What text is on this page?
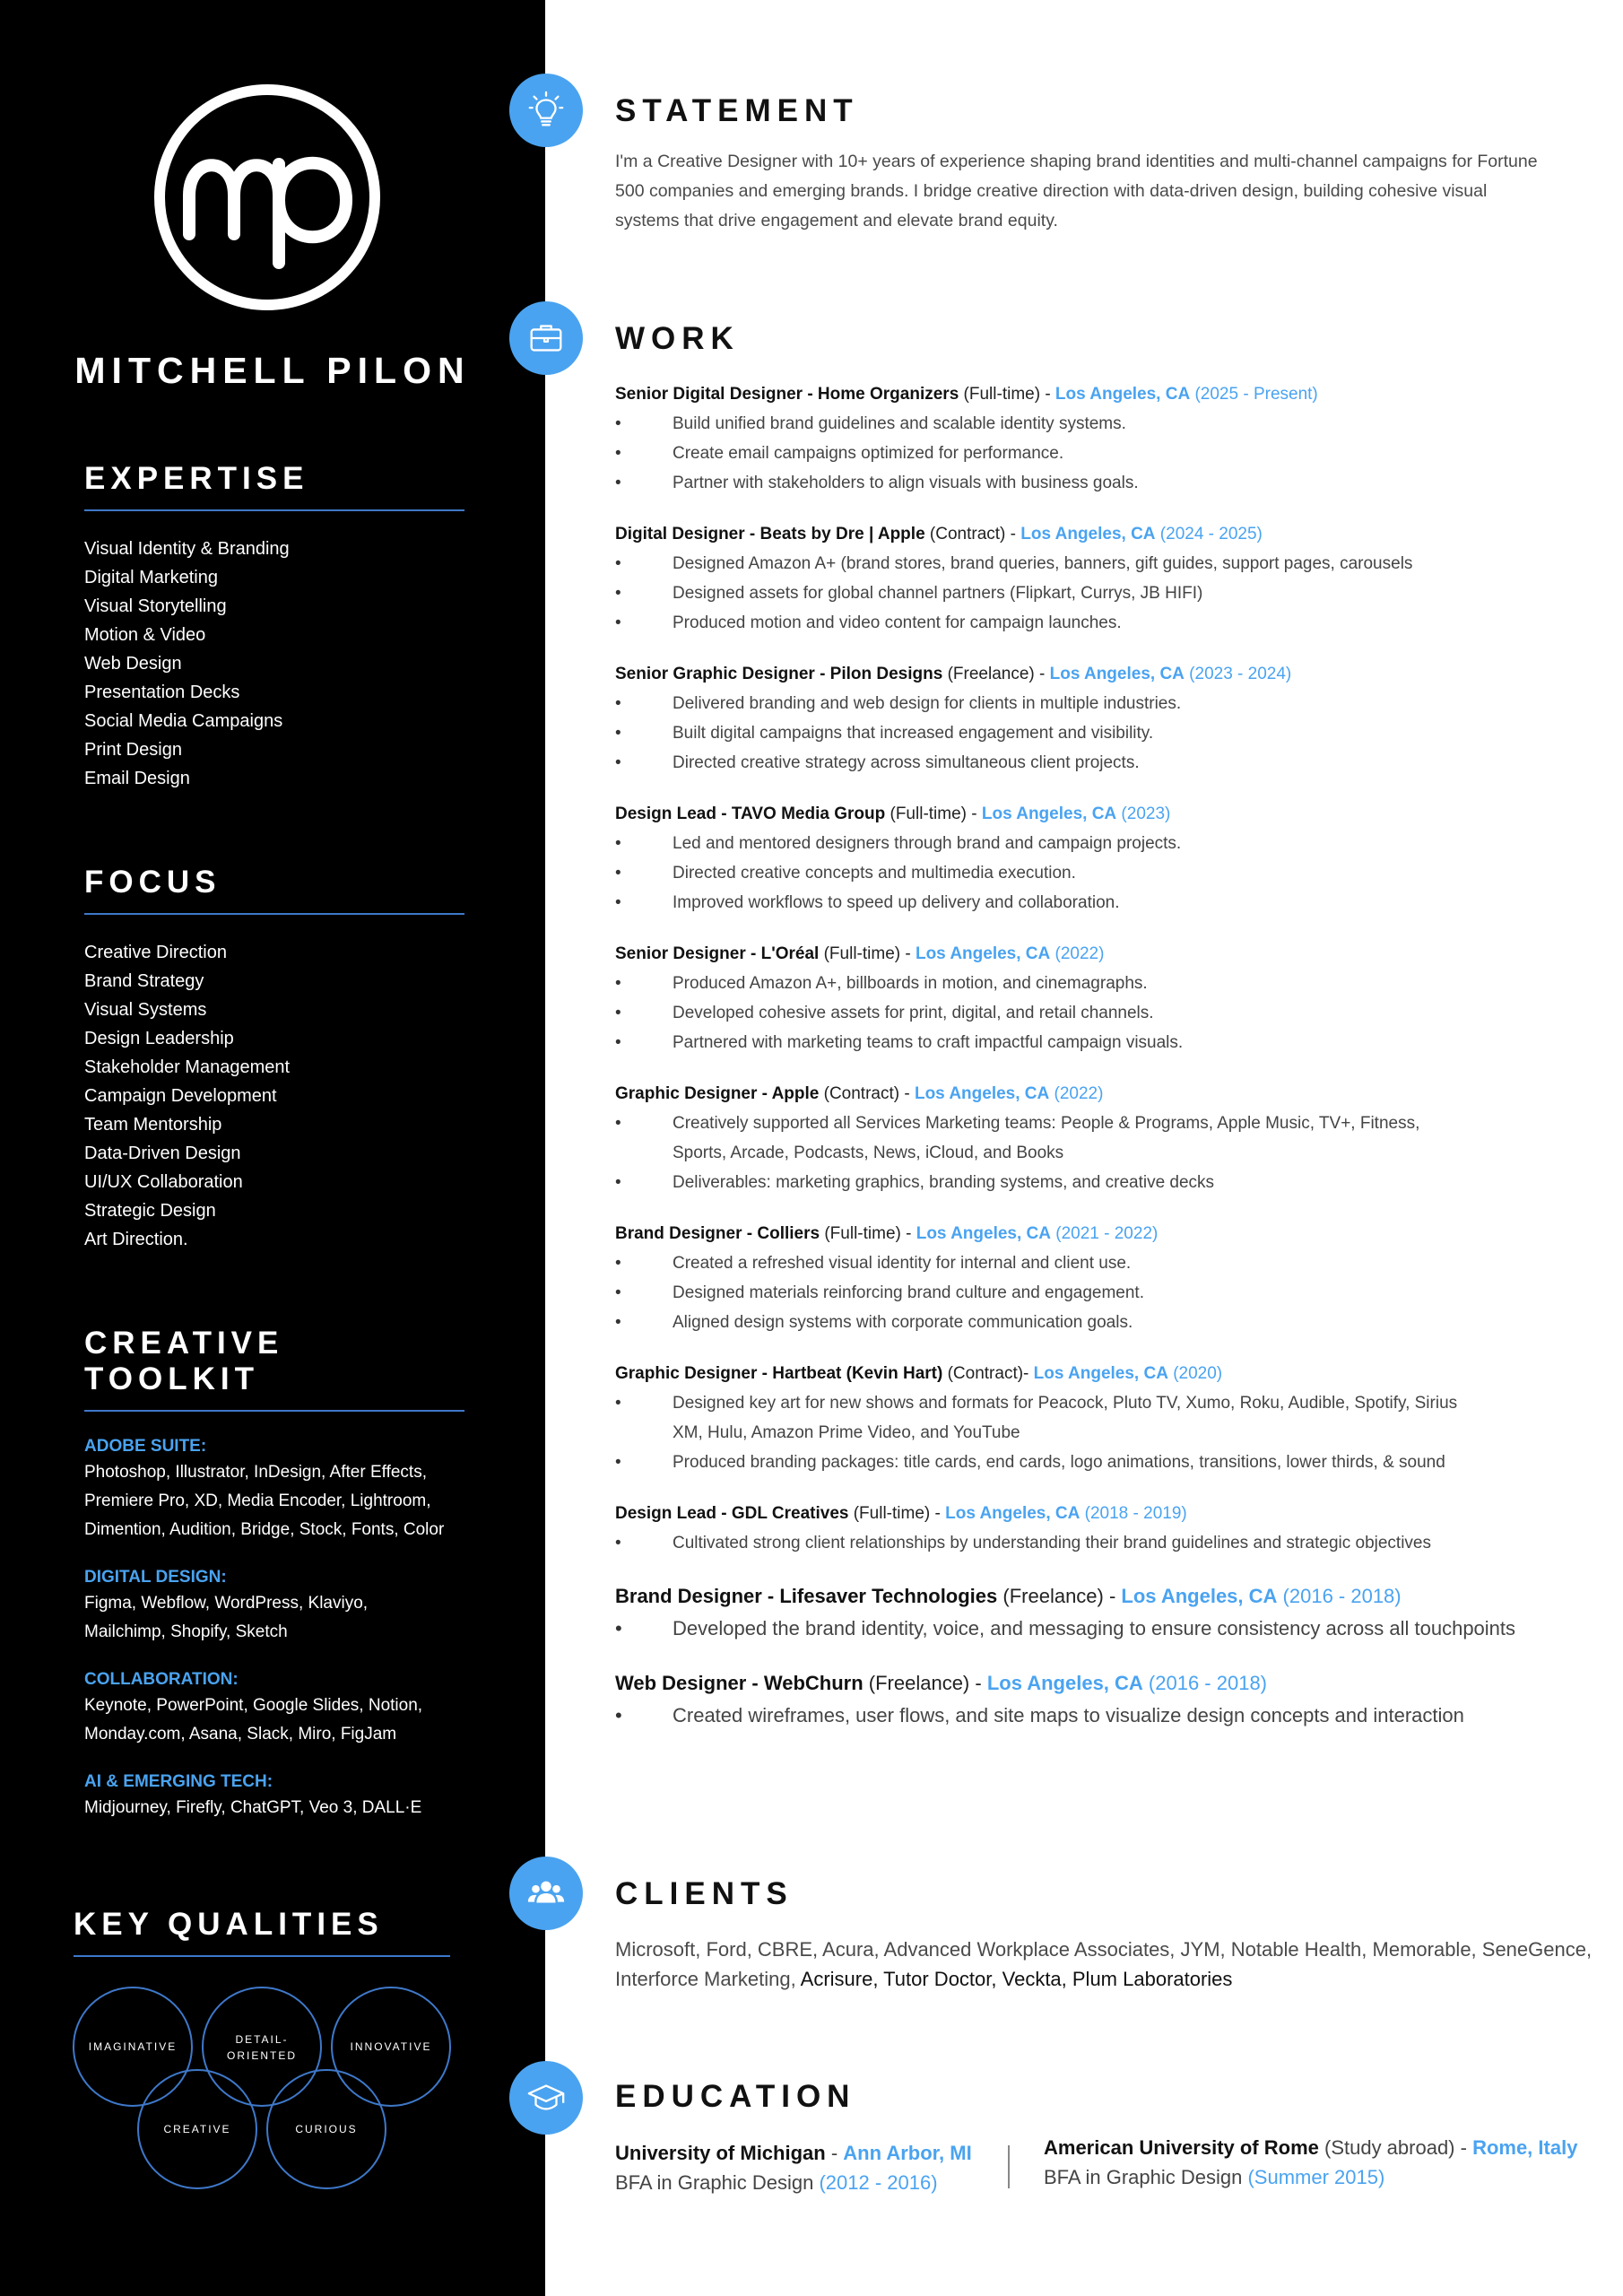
MITCHELL PILON
EXPERTISE
Visual Identity & Branding
Digital Marketing
Visual Storytelling
Motion & Video
Web Design
Presentation Decks
Social Media Campaigns
Print Design
Email Design
FOCUS
Creative Direction
Brand Strategy
Visual Systems
Design Leadership
Stakeholder Management
Campaign Development
Team Mentorship
Data-Driven Design
UI/UX Collaboration
Strategic Design
Art Direction.
CREATIVE TOOLKIT
ADOBE SUITE:
Photoshop, Illustrator, InDesign, After Effects,
Premiere Pro, XD, Media Encoder, Lightroom,
Dimention, Audition, Bridge, Stock, Fonts, Color
DIGITAL DESIGN:
Figma, Webflow, WordPress, Klaviyo,
Mailchimp, Shopify, Sketch
COLLABORATION:
Keynote, PowerPoint, Google Slides, Notion,
Monday.com, Asana, Slack, Miro, FigJam
AI & EMERGING TECH:
Midjourney, Firefly, ChatGPT, Veo 3, DALL·E
KEY QUALITIES
IMAGINATIVE
DETAIL-
ORIENTED
INNOVATIVE
CREATIVE	CURIOUS
STATEMENT
I'm a Creative Designer with 10+ years of experience shaping brand identities and multi-channel campaigns for Fortune 500 companies and emerging brands. I bridge creative direction with data-driven design, building cohesive visual systems that drive engagement and elevate brand equity.
WORK
Senior Digital Designer - Home Organizers (Full-time) - Los Angeles, CA (2025 - Present)
• Build unified brand guidelines and scalable identity systems.
• Create email campaigns optimized for performance.
• Partner with stakeholders to align visuals with business goals.
Digital Designer - Beats by Dre | Apple (Contract) - Los Angeles, CA (2024 - 2025)
• Designed Amazon A+ (brand stores, brand queries, banners, gift guides, support pages, carousels
• Designed assets for global channel partners (Flipkart, Currys, JB HIFI)
• Produced motion and video content for campaign launches.
Senior Graphic Designer - Pilon Designs (Freelance) - Los Angeles, CA (2023 - 2024)
• Delivered branding and web design for clients in multiple industries.
• Built digital campaigns that increased engagement and visibility.
• Directed creative strategy across simultaneous client projects.
Design Lead - TAVO Media Group (Full-time) - Los Angeles, CA (2023)
• Led and mentored designers through brand and campaign projects.
• Directed creative concepts and multimedia execution.
• Improved workflows to speed up delivery and collaboration.
Senior Designer - L'Oréal (Full-time) - Los Angeles, CA (2022)
• Produced Amazon A+, billboards in motion, and cinemagraphs.
• Developed cohesive assets for print, digital, and retail channels.
• Partnered with marketing teams to craft impactful campaign visuals.
Graphic Designer - Apple (Contract) - Los Angeles, CA (2022)
• Creatively supported all Services Marketing teams: People & Programs, Apple Music, TV+, Fitness, Sports, Arcade, Podcasts, News, iCloud, and Books
• Deliverables: marketing graphics, branding systems, and creative decks
Brand Designer - Colliers (Full-time) - Los Angeles, CA (2021 - 2022)
• Created a refreshed visual identity for internal and client use.
• Designed materials reinforcing brand culture and engagement.
• Aligned design systems with corporate communication goals.
Graphic Designer - Hartbeat (Kevin Hart) (Contract)- Los Angeles, CA (2020)
• Designed key art for new shows and formats for Peacock, Pluto TV, Xumo, Roku, Audible, Spotify, Sirius XM, Hulu, Amazon Prime Video, and YouTube
• Produced branding packages: title cards, end cards, logo animations, transitions, lower thirds, & sound
Design Lead - GDL Creatives (Full-time) - Los Angeles, CA (2018 - 2019)
• Cultivated strong client relationships by understanding their brand guidelines and strategic objectives
Brand Designer - Lifesaver Technologies (Freelance) - Los Angeles, CA (2016 - 2018)
• Developed the brand identity, voice, and messaging to ensure consistency across all touchpoints
Web Designer - WebChurn (Freelance) - Los Angeles, CA (2016 - 2018)
• Created wireframes, user flows, and site maps to visualize design concepts and interaction
CLIENTS
Microsoft, Ford, CBRE, Acura, Advanced Workplace Associates, JYM, Notable Health, Memorable, SeneGence, Interforce Marketing, Acrisure, Tutor Doctor, Veckta, Plum Laboratories
EDUCATION
University of Michigan - Ann Arbor, MI
BFA in Graphic Design (2012 - 2016)
American University of Rome (Study abroad) - Rome, Italy
BFA in Graphic Design (Summer 2015)
